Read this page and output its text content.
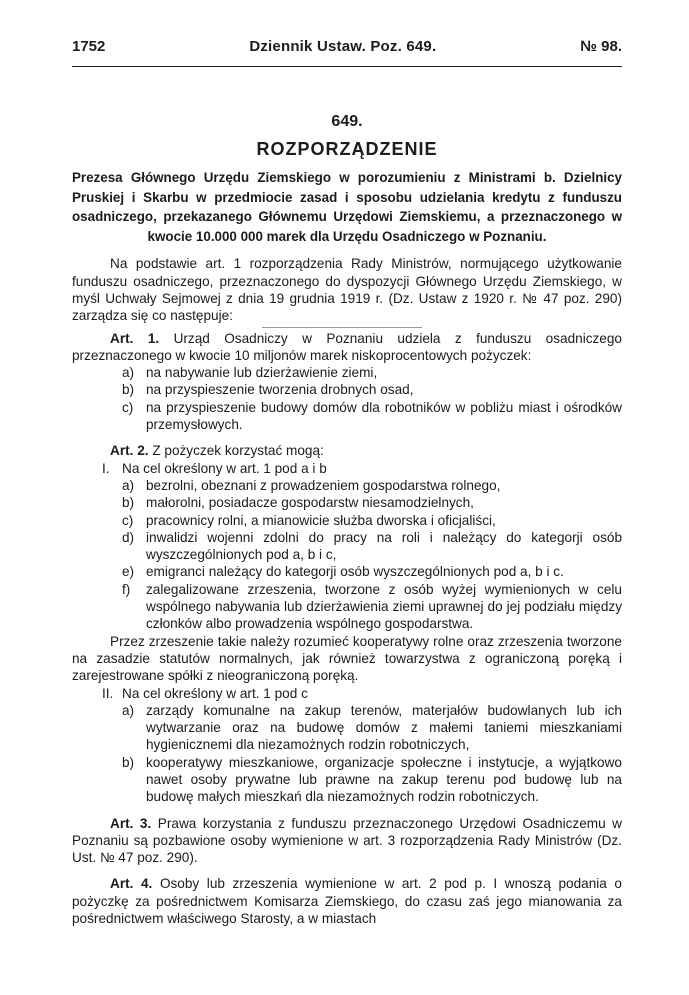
1752	Dziennik Ustaw. Poz. 649.	№ 98.
649.
ROZPORZĄDZENIE
Prezesa Głównego Urzędu Ziemskiego w porozumieniu z Ministrami b. Dzielnicy Pruskiej i Skarbu w przedmiocie zasad i sposobu udzielania kredytu z funduszu osadniczego, przekazanego Głównemu Urzędowi Ziemskiemu, a przeznaczonego w kwocie 10.000 000 marek dla Urzędu Osadniczego w Poznaniu.

Na podstawie art. 1 rozporządzenia Rady Ministrów, normującego użytkowanie funduszu osadniczego, przeznaczonego do dyspozycji Głównego Urzędu Ziemskiego, w myśl Uchwały Sejmowej z dnia 19 grudnia 1919 r. (Dz. Ustaw z 1920 r. № 47 poz. 290) zarządza się co następuje:

Art. 1. Urząd Osadniczy w Poznaniu udziela z funduszu osadniczego przeznaczonego w kwocie 10 miljonów marek niskoprocentowych pożyczek:

a) na nabywanie lub dzierżawienie ziemi,
b) na przyspieszenie tworzenia drobnych osad,
c) na przyspieszenie budowy domów dla robotników w pobliżu miast i ośrodków przemysłowych.

Art. 2. Z pożyczek korzystać mogą:

I. Na cel określony w art. 1 pod a i b
a) bezrolni, obeznani z prowadzeniem gospodarstwa rolnego,
b) małorolni, posiadacze gospodarstw niesamodzielnych,
c) pracownicy rolni, a mianowicie służba dworska i oficjaliści,
d) inwalidzi wojenni zdolni do pracy na roli i należący do kategorji osób wyszczególnionych pod a, b i c,
e) emigranci należący do kategorji osób wyszczególnionych pod a, b i c.
f)	zalegalizowane zrzeszenia, tworzone z osób wyżej wymienionych w celu wspólnego nabywania lub dzierżawienia ziemi uprawnej do jej podziału między członków albo prowadzenia wspólnego gospodarstwa.

Przez zrzeszenie takie należy rozumieć kooperatywy rolne oraz zrzeszenia tworzone na zasadzie statutów normalnych, jak również towarzystwa z ograniczoną poręką i zarejestrowane spółki z nieograniczoną poręką.

II. Na cel określony w art. 1 pod c
a) zarządy komunalne na zakup terenów, materjałów budowlanych lub ich wytwarzanie oraz na budowę domów z małemi taniemi mieszkaniami hygienicznemi dla niezamożnych rodzin robotniczych,
b) kooperatywy mieszkaniowe, organizacje społeczne i instytucje, a wyjątkowo nawet osoby prywatne lub prawne na zakup terenu pod budowę lub na budowę małych mieszkań dla niezamożnych rodzin robotniczych.

Art. 3. Prawa korzystania z funduszu przeznaczonego Urzędowi Osadniczemu w Poznaniu są pozbawione osoby wymienione w art. 3 rozporządzenia Rady Ministrów (Dz. Ust. № 47 poz. 290).

Art. 4. Osoby lub zrzeszenia wymienione w art. 2 pod p. I wnoszą podania o pożyczkę za pośrednictwem Komisarza Ziemskiego, do czasu zaś jego mianowania za pośrednictwem właściwego Starosty, a w miastach
